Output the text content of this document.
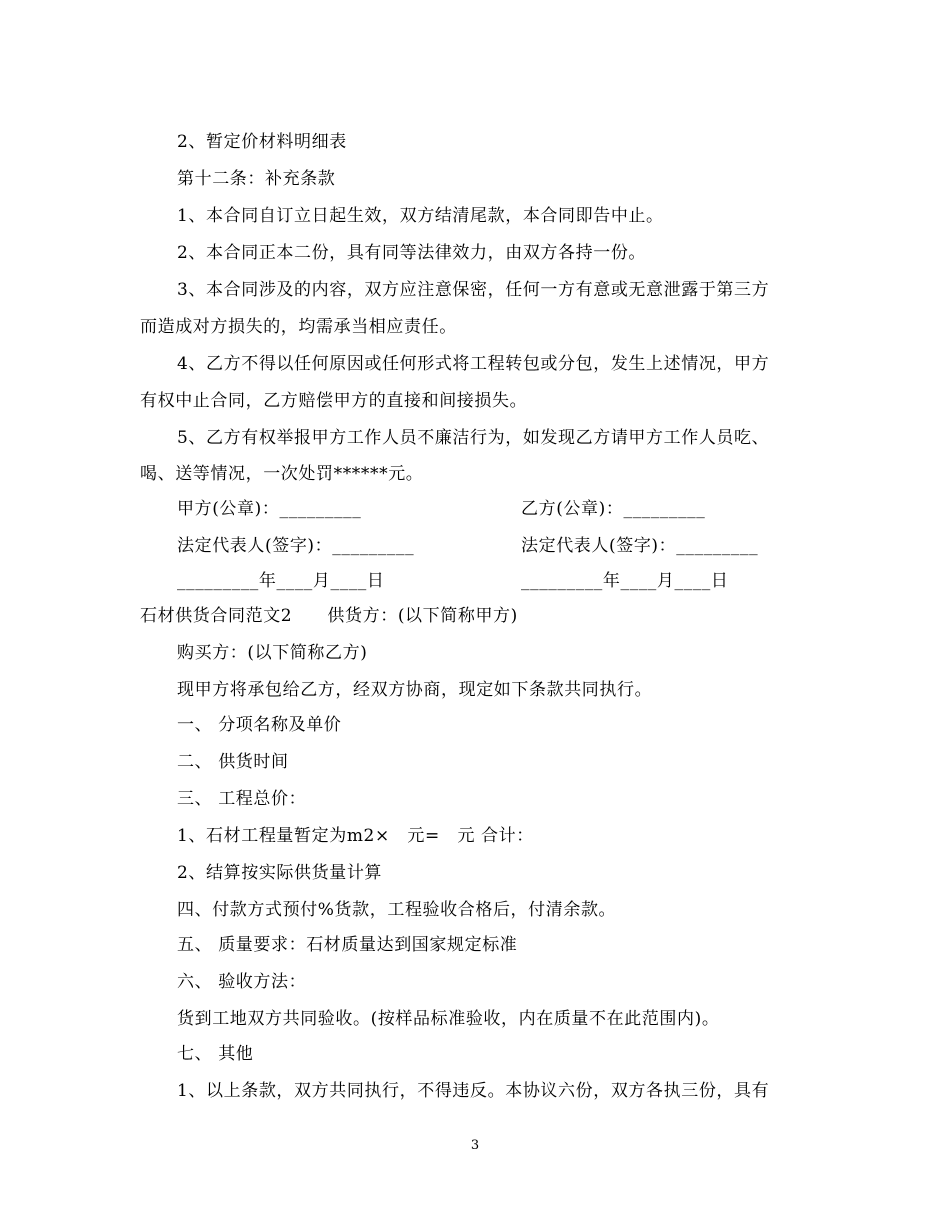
2、暂定价材料明细表
第十二条：补充条款
1、本合同自订立日起生效，双方结清尾款，本合同即告中止。
2、本合同正本二份，具有同等法律效力，由双方各持一份。
3、本合同涉及的内容，双方应注意保密，任何一方有意或无意泄露于第三方
而造成对方损失的，均需承当相应责任。
4、乙方不得以任何原因或任何形式将工程转包或分包，发生上述情况，甲方
有权中止合同，乙方赔偿甲方的直接和间接损失。
5、乙方有权举报甲方工作人员不廉洁行为，如发现乙方请甲方工作人员吃、
喝、送等情况，一次处罚******元。
甲方(公章)：_________	乙方(公章)：_________
法定代表人(签字)：_________	法定代表人(签字)：_________
_________年____月____日	_________年____月____日
石材供货合同范文2　　供货方：(以下简称甲方)
购买方：(以下简称乙方)
现甲方将承包给乙方，经双方协商，现定如下条款共同执行。
一、 分项名称及单价
二、 供货时间
三、 工程总价：
1、石材工程量暂定为m2×　元=　元 合计：
2、结算按实际供货量计算
四、付款方式预付%货款，工程验收合格后，付清余款。
五、 质量要求：石材质量达到国家规定标准
六、 验收方法：
货到工地双方共同验收。(按样品标准验收，内在质量不在此范围内)。
七、 其他
1、以上条款，双方共同执行，不得违反。本协议六份，双方各执三份，具有
3
